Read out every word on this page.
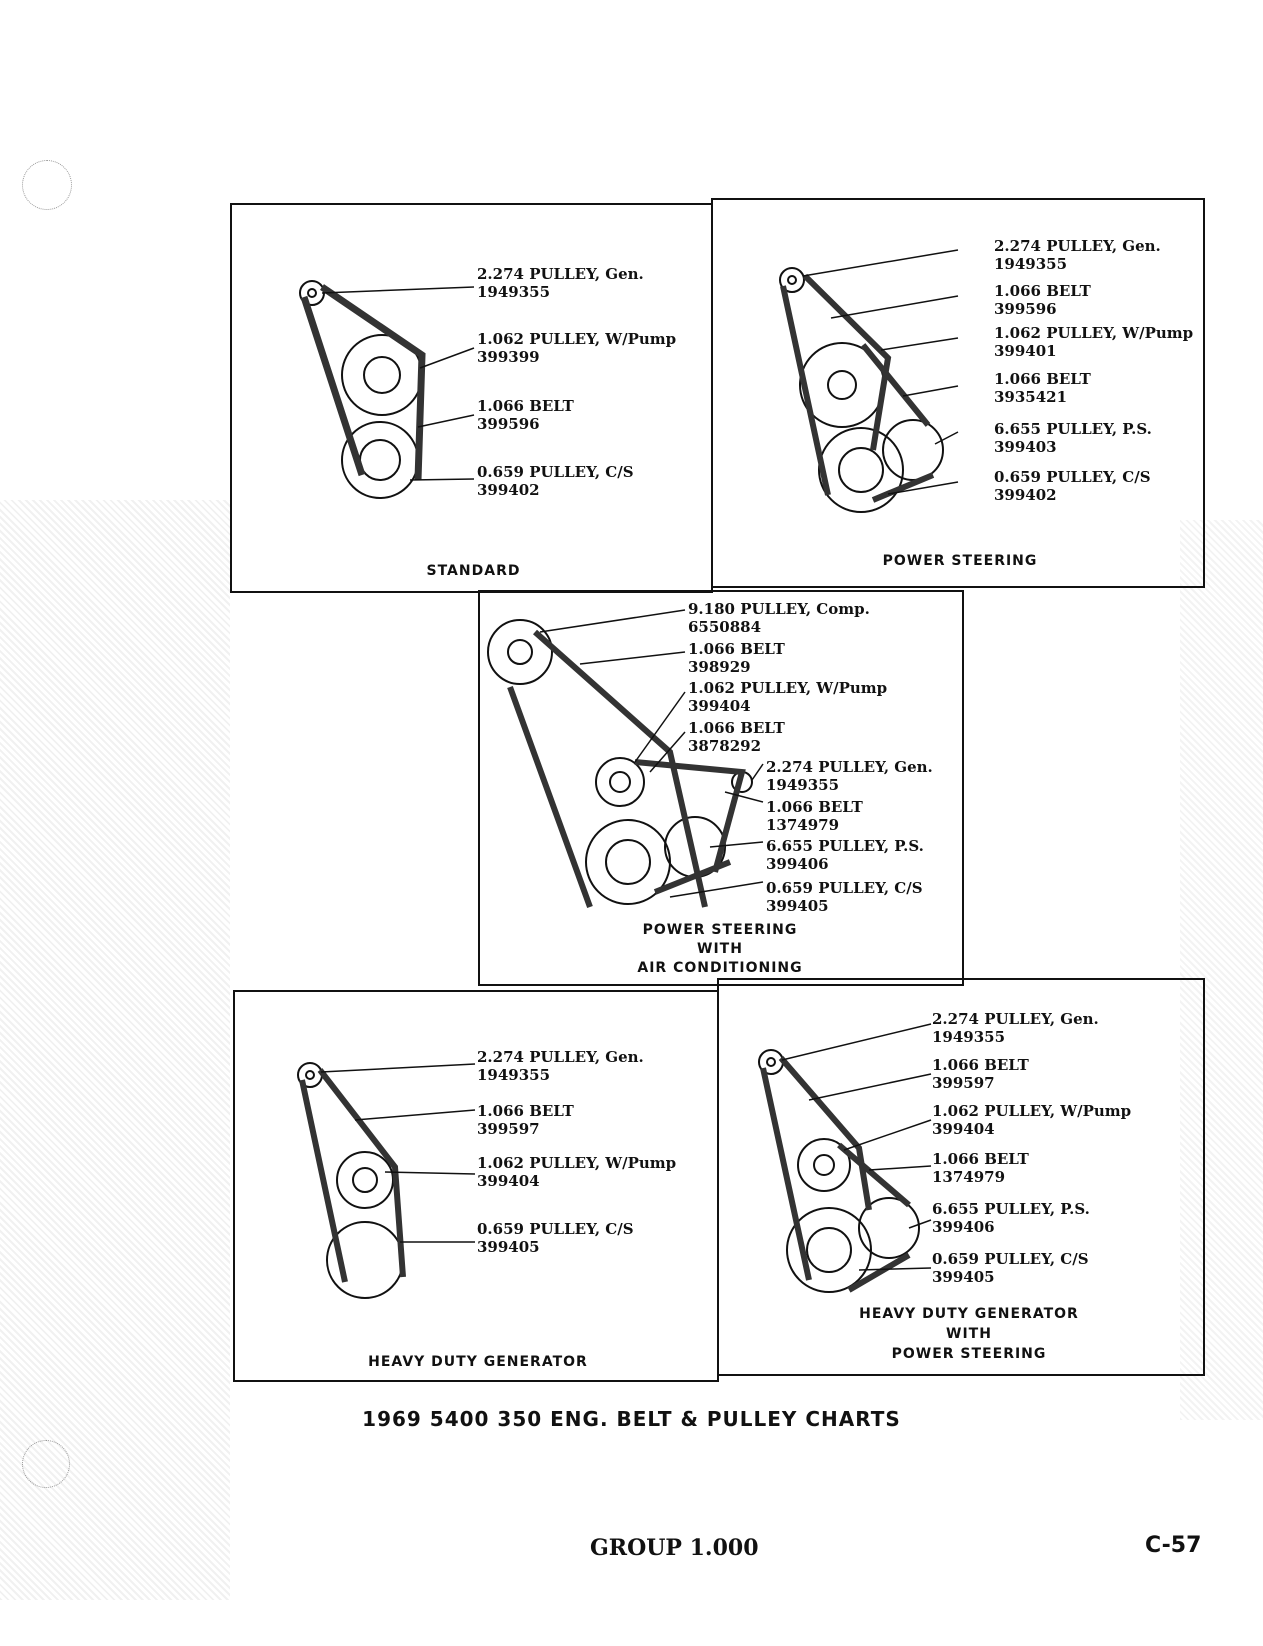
2.274 PULLEY, Gen.
1949355
1.062 PULLEY, W/Pump
399399
1.066 BELT
399596
0.659 PULLEY, C/S
399402
STANDARD
2.274 PULLEY, Gen.
1949355
1.066 BELT
399596
1.062 PULLEY, W/Pump
399401
1.066 BELT
3935421
6.655 PULLEY, P.S.
399403
0.659 PULLEY, C/S
399402
POWER STEERING
9.180 PULLEY, Comp.
6550884
1.066 BELT
398929
1.062 PULLEY, W/Pump
399404
1.066 BELT
3878292
2.274 PULLEY, Gen.
1949355
1.066 BELT
1374979
6.655 PULLEY, P.S.
399406
0.659 PULLEY, C/S
399405
POWER STEERING
WITH
AIR CONDITIONING
2.274 PULLEY, Gen.
1949355
1.066 BELT
399597
1.062 PULLEY, W/Pump
399404
0.659 PULLEY, C/S
399405
HEAVY DUTY GENERATOR
2.274 PULLEY, Gen.
1949355
1.066 BELT
399597
1.062 PULLEY, W/Pump
399404
1.066 BELT
1374979
6.655 PULLEY, P.S.
399406
0.659 PULLEY, C/S
399405
HEAVY DUTY GENERATOR
WITH
POWER STEERING
1969 5400 350 ENG. BELT & PULLEY CHARTS
GROUP 1.000	C-57
